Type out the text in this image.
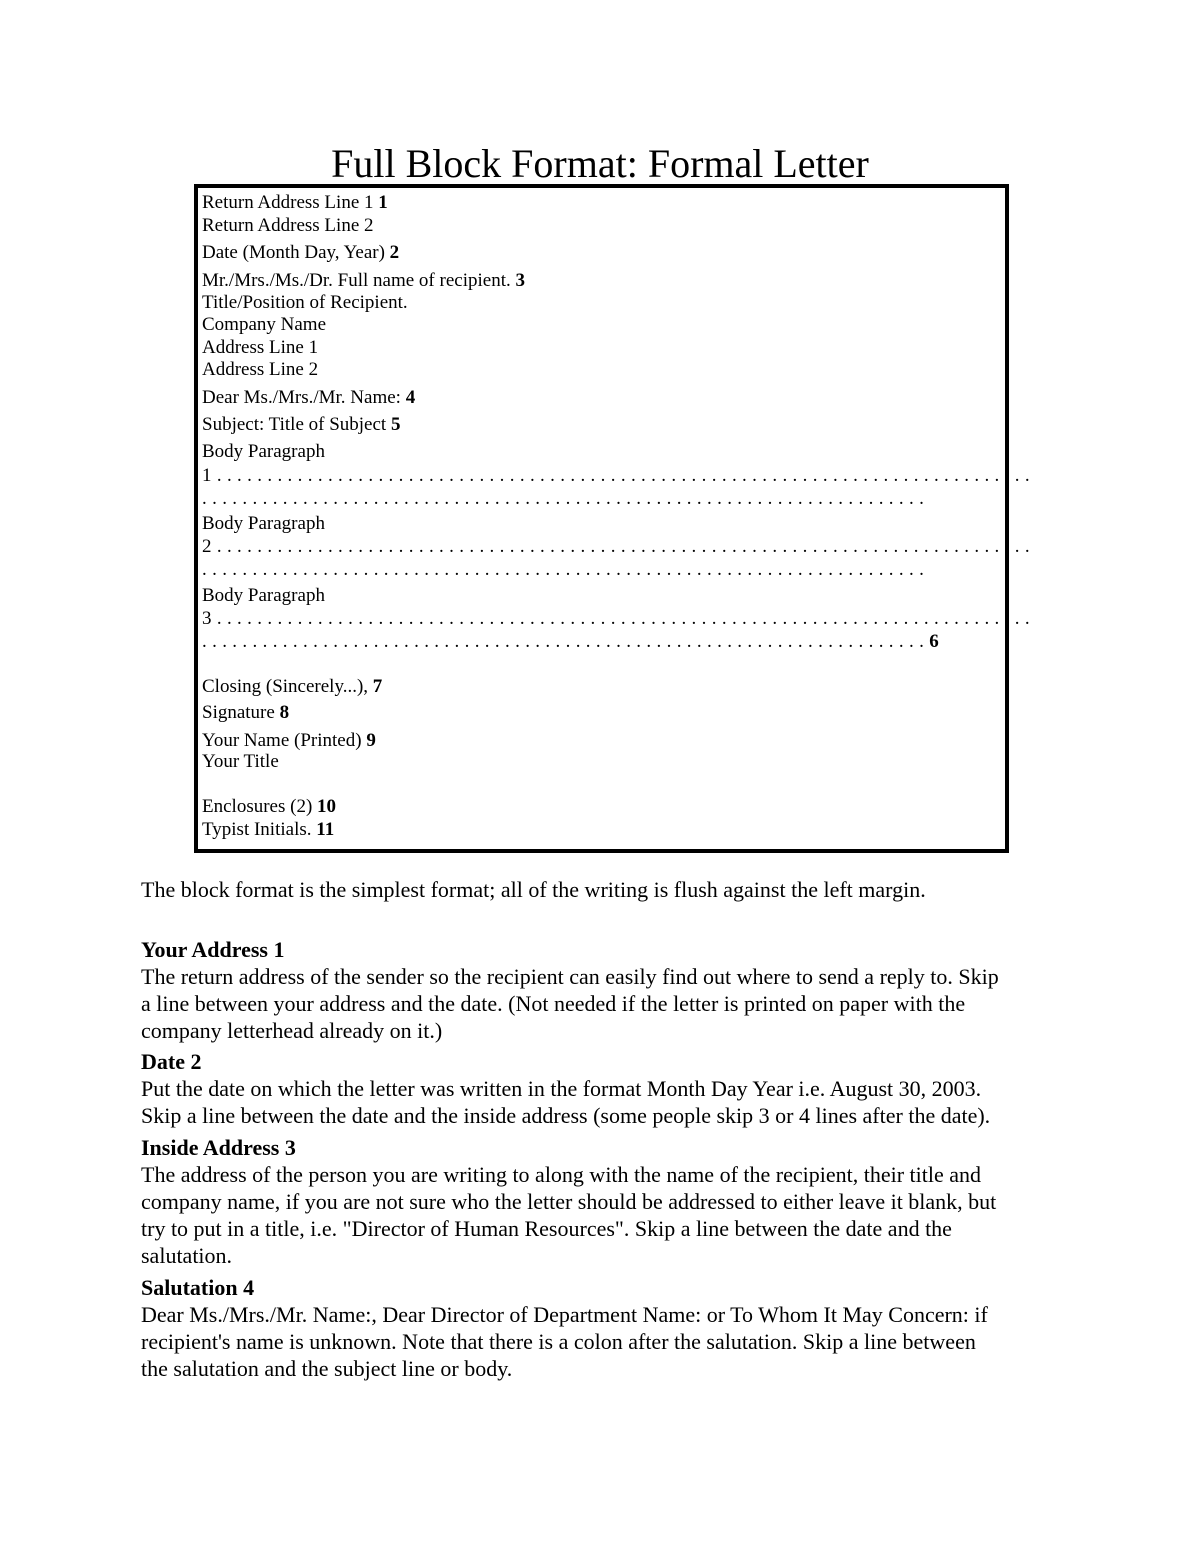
Full Block Format: Formal Letter
Return Address Line 1 1
Return Address Line 2
Date (Month Day, Year) 2
Mr./Mrs./Ms./Dr. Full name of recipient. 3
Title/Position of Recipient.
Company Name
Address Line 1
Address Line 2
Dear Ms./Mrs./Mr. Name: 4
Subject: Title of Subject 5
Body Paragraph
1 . . . . . . . . . . . . . . . . . . . . . . . . . . . . . . . . . . . . . . . . . . . . . . . . . . . . . . . . . . . . . . . . . . . . . . . . . . . . . . . . .
. . . . . . . . . . . . . . . . . . . . . . . . . . . . . . . . . . . . . . . . . . . . . . . . . . . . . . . . . . . . . . . . . . . . . . . .
Body Paragraph
2 . . . . . . . . . . . . . . . . . . . . . . . . . . . . . . . . . . . . . . . . . . . . . . . . . . . . . . . . . . . . . . . . . . . . . . . . . . . . . . . . .
. . . . . . . . . . . . . . . . . . . . . . . . . . . . . . . . . . . . . . . . . . . . . . . . . . . . . . . . . . . . . . . . . . . . . . . .
Body Paragraph
3 . . . . . . . . . . . . . . . . . . . . . . . . . . . . . . . . . . . . . . . . . . . . . . . . . . . . . . . . . . . . . . . . . . . . . . . . . . . . . . . . .
. . . . . . . . . . . . . . . . . . . . . . . . . . . . . . . . . . . . . . . . . . . . . . . . . . . . . . . . . . . . . . . . . . . . . . . . 6
Closing (Sincerely...), 7
Signature 8
Your Name (Printed) 9
Your Title
Enclosures (2) 10
Typist Initials. 11
The block format is the simplest format; all of the writing is flush against the left margin.
Your Address 1
The return address of the sender so the recipient can easily find out where to send a reply to. Skip
a line between your address and the date. (Not needed if the letter is printed on paper with the
company letterhead already on it.)
Date 2
Put the date on which the letter was written in the format Month Day Year i.e. August 30, 2003.
Skip a line between the date and the inside address (some people skip 3 or 4 lines after the date).
Inside Address 3
The address of the person you are writing to along with the name of the recipient, their title and
company name, if you are not sure who the letter should be addressed to either leave it blank, but
try to put in a title, i.e. "Director of Human Resources". Skip a line between the date and the
salutation.
Salutation 4
Dear Ms./Mrs./Mr. Name:, Dear Director of Department Name: or To Whom It May Concern: if
recipient's name is unknown. Note that there is a colon after the salutation. Skip a line between
the salutation and the subject line or body.
